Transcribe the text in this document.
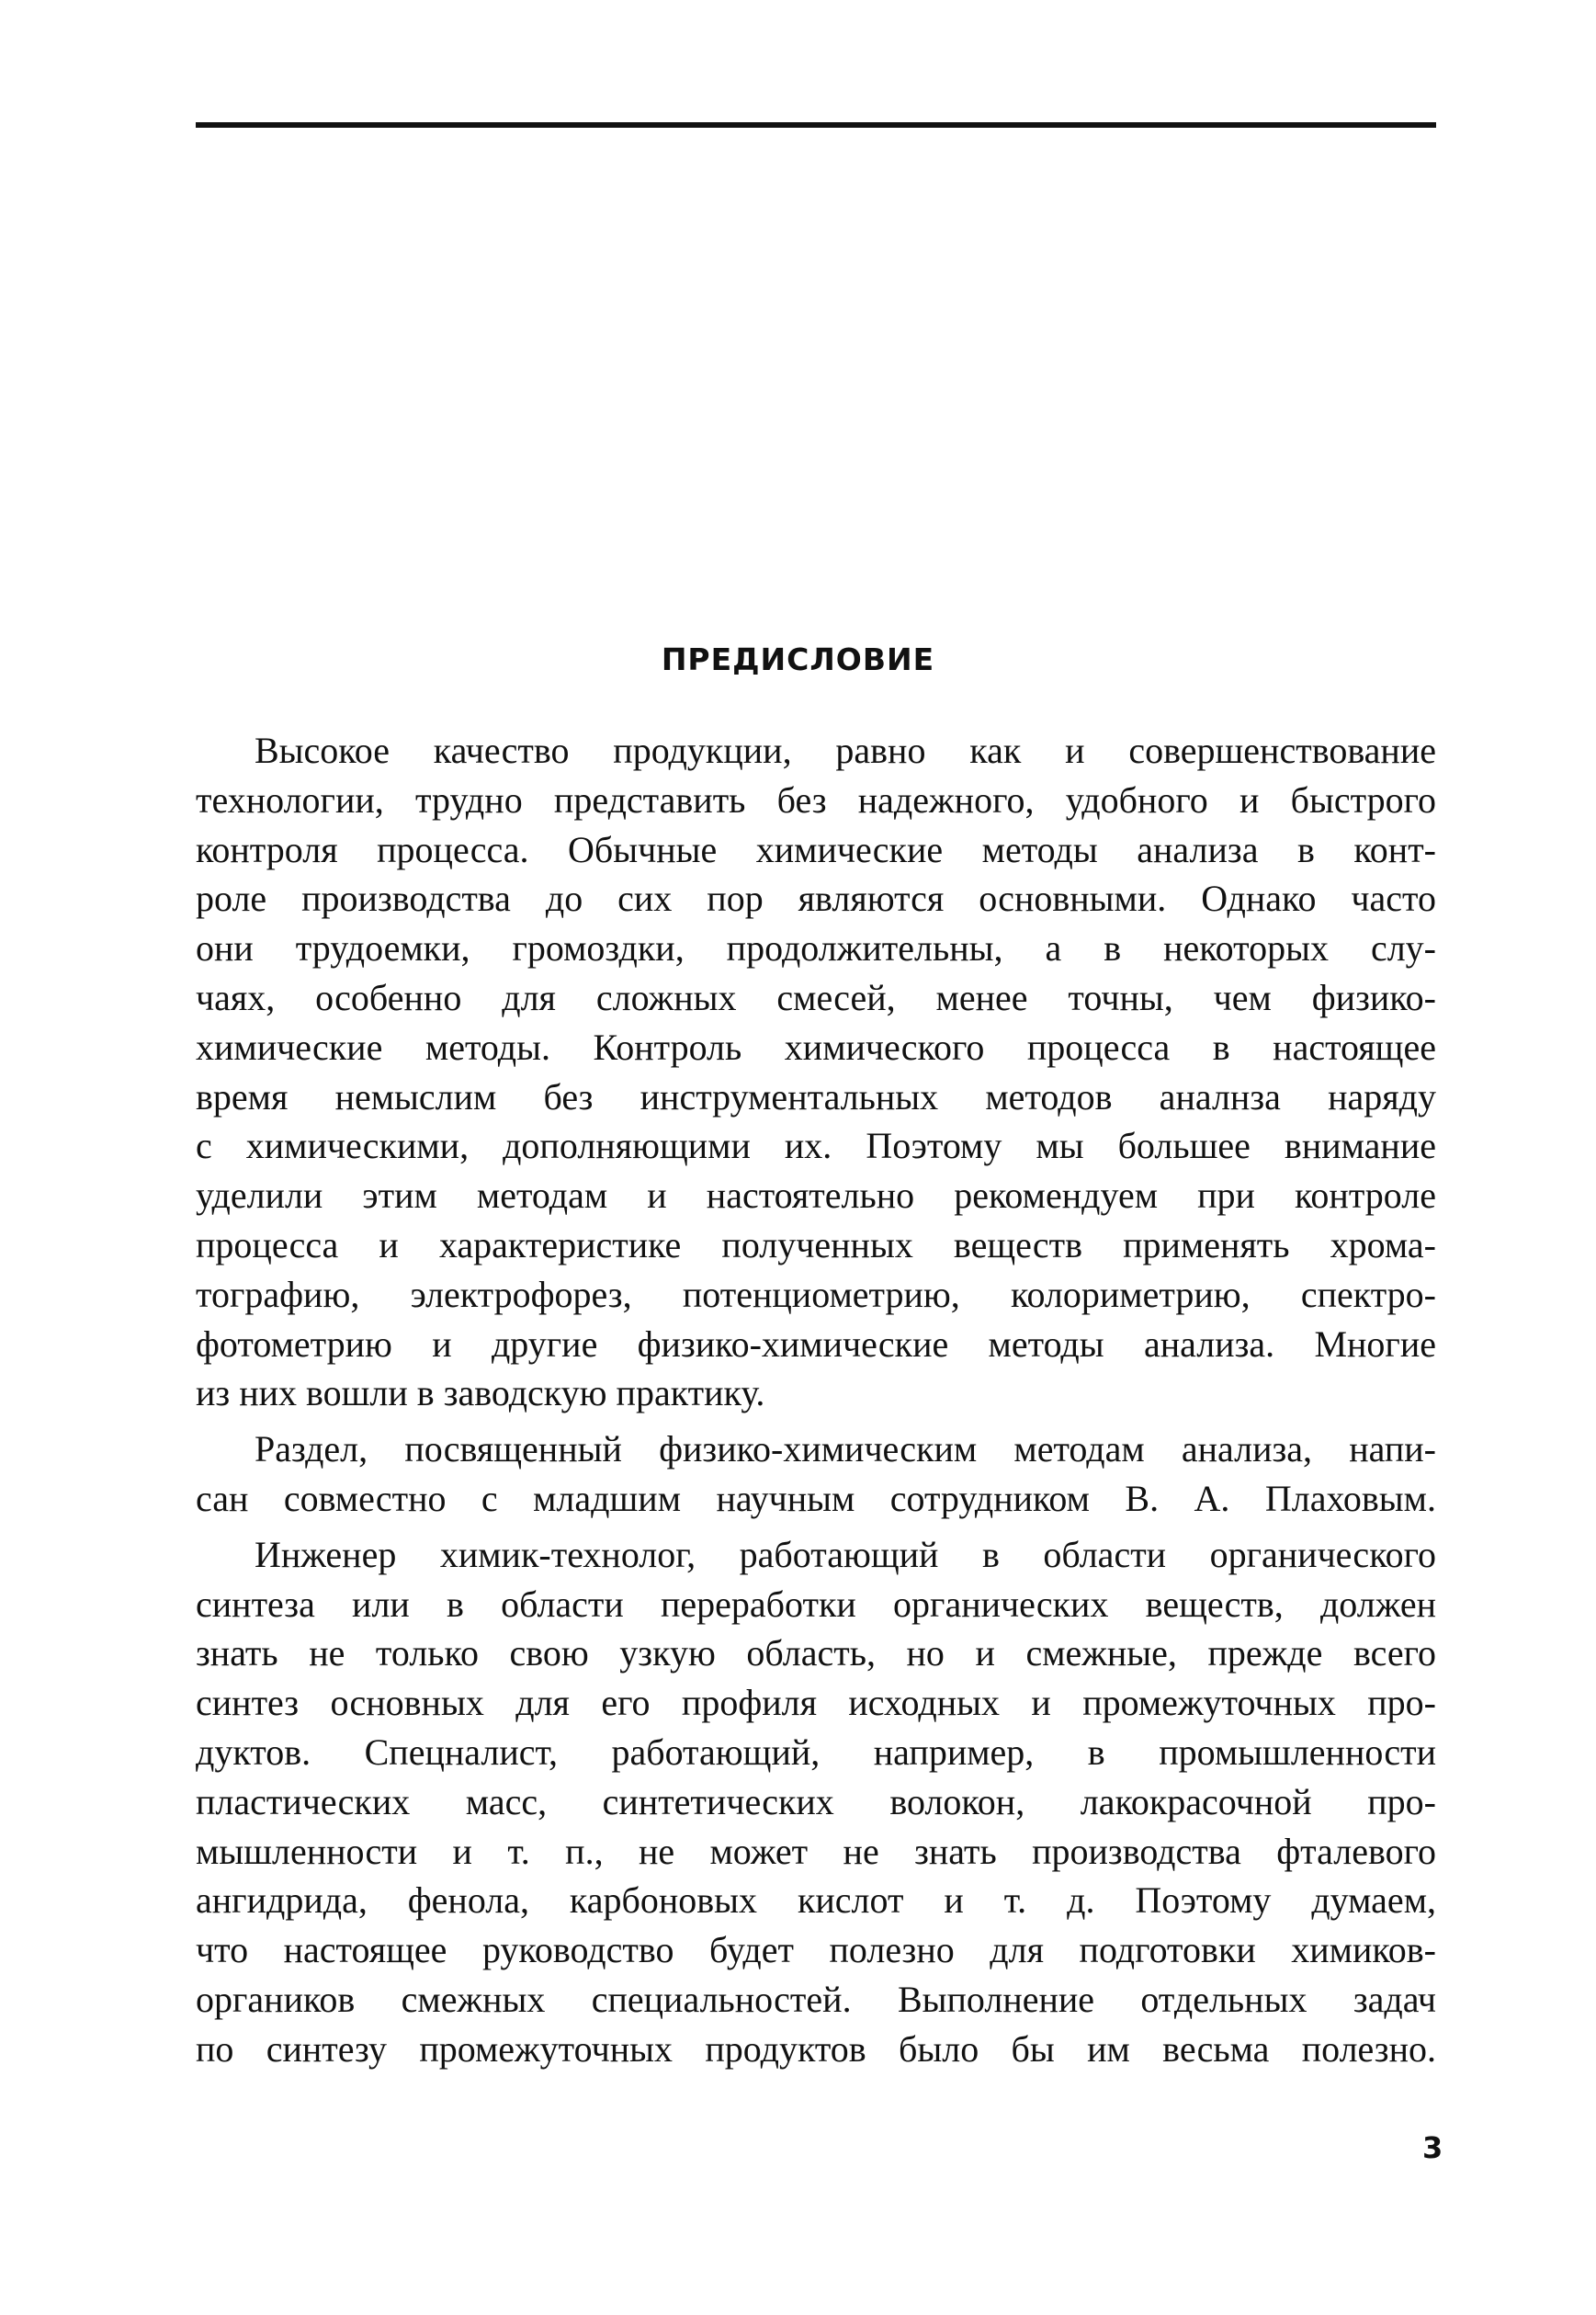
ПРЕДИСЛОВИЕ

Высокое качество продукции, равно как и совершенствование
технологии, трудно представить без надежного, удобного и быстрого
контроля процесса. Обычные химические методы анализа в конт-
роле производства до сих пор являются основными. Однако часто
они трудоемки, громоздки, продолжительны, а в некоторых слу-
чаях, особенно для сложных смесей, менее точны, чем физико-
химические методы. Контроль химического процесса в настоящее
время немыслим без инструментальных методов аналнза наряду
с химическими, дополняющими их. Поэтому мы большее внимание
уделили этим методам и настоятельно рекомендуем при контроле
процесса и характеристике полученных веществ применять хрома-
тографию, электрофорез, потенциометрию, колориметрию, спектро-
фотометрию и другие физико-химические методы анализа. Многие
из них вошли в заводскую практику.

Раздел, посвященный физико-химическим методам анализа, напи-
сан совместно с младшим научным сотрудником В. А. Плаховым.

Инженер химик-технолог, работающий в области органического
синтеза или в области переработки органических веществ, должен
знать не только свою узкую область, но и смежные, прежде всего
синтез основных для его профиля исходных и промежуточных про-
дуктов. Спецналист, работающий, например, в промышленности
пластических масс, синтетических волокон, лакокрасочной про-
мышленности и т. п., не может не знать производства фталевого
ангидрида, фенола, карбоновых кислот и т. д. Поэтому думаем,
что настоящее руководство будет полезно для подготовки химиков-
органиков смежных специальностей. Выполнение отдельных задач
по синтезу промежуточных продуктов было бы им весьма полезно.

3
